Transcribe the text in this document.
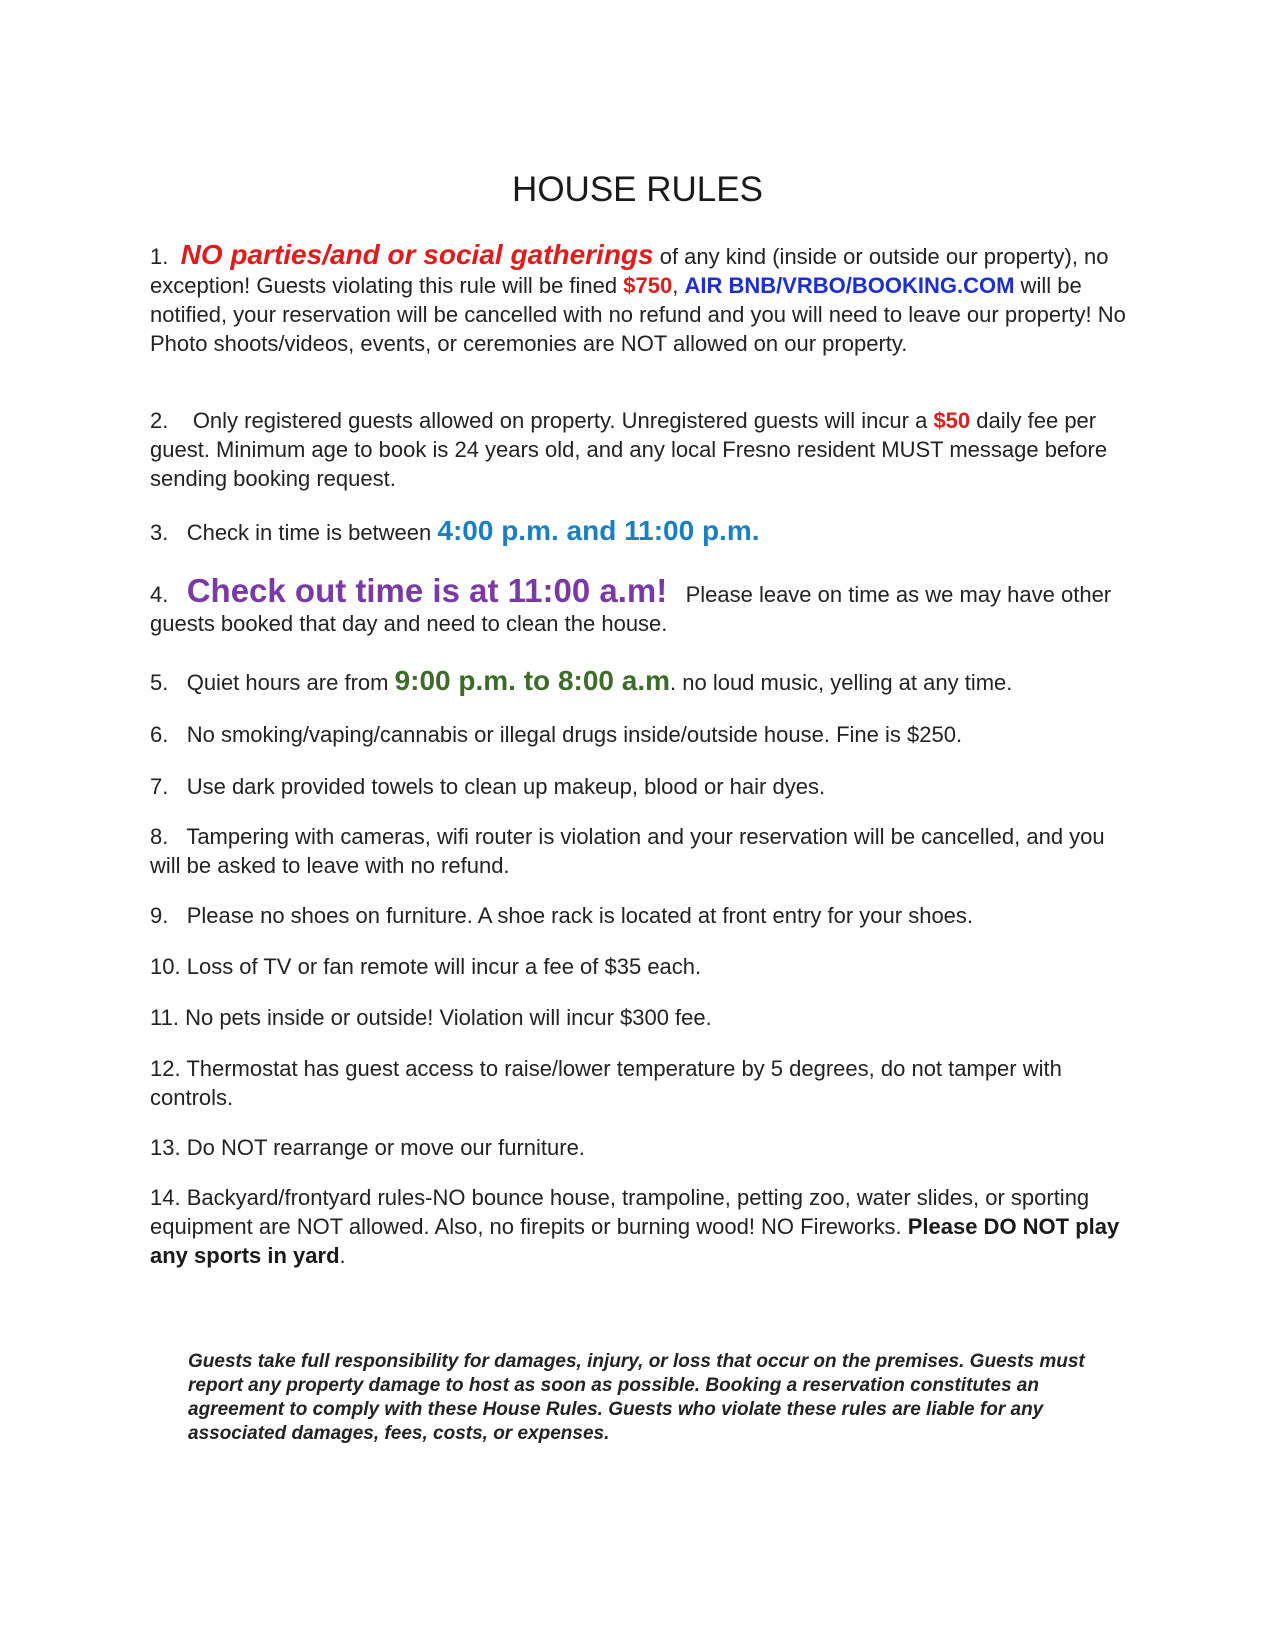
HOUSE RULES

1. NO parties/and or social gatherings of any kind (inside or outside our property), no exception! Guests violating this rule will be fined $750, AIR BNB/VRBO/BOOKING.COM will be notified, your reservation will be cancelled with no refund and you will need to leave our property! No Photo shoots/videos, events, or ceremonies are NOT allowed on our property.

2. Only registered guests allowed on property. Unregistered guests will incur a $50 daily fee per guest. Minimum age to book is 24 years old, and any local Fresno resident MUST message before sending booking request.

3. Check in time is between 4:00 p.m. and 11:00 p.m.

4. Check out time is at 11:00 a.m! Please leave on time as we may have other guests booked that day and need to clean the house.

5. Quiet hours are from 9:00 p.m. to 8:00 a.m. no loud music, yelling at any time.

6. No smoking/vaping/cannabis or illegal drugs inside/outside house. Fine is $250.

7. Use dark provided towels to clean up makeup, blood or hair dyes.

8. Tampering with cameras, wifi router is violation and your reservation will be cancelled, and you will be asked to leave with no refund.

9. Please no shoes on furniture. A shoe rack is located at front entry for your shoes.

10. Loss of TV or fan remote will incur a fee of $35 each.

11. No pets inside or outside! Violation will incur $300 fee.

12. Thermostat has guest access to raise/lower temperature by 5 degrees, do not tamper with controls.

13. Do NOT rearrange or move our furniture.

14. Backyard/frontyard rules-NO bounce house, trampoline, petting zoo, water slides, or sporting equipment are NOT allowed. Also, no firepits or burning wood! NO Fireworks. Please DO NOT play any sports in yard.

Guests take full responsibility for damages, injury, or loss that occur on the premises. Guests must report any property damage to host as soon as possible. Booking a reservation constitutes an agreement to comply with these House Rules. Guests who violate these rules are liable for any associated damages, fees, costs, or expenses.
